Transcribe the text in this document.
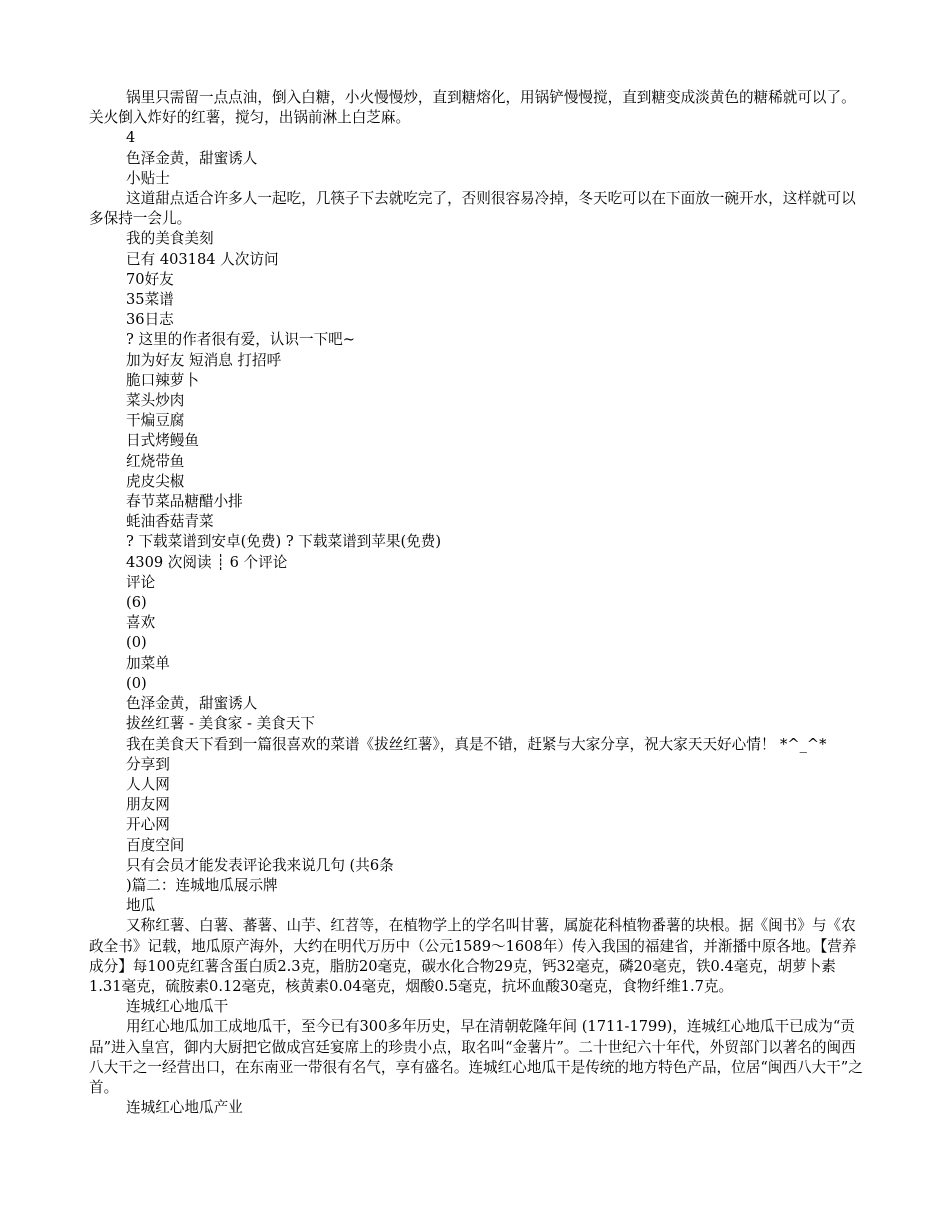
锅里只需留一点点油，倒入白糖，小火慢慢炒，直到糖熔化，用锅铲慢慢搅，直到糖变成淡黄色的糖稀就可以了。关火倒入炸好的红薯，搅匀，出锅前淋上白芝麻。
4
色泽金黄，甜蜜诱人
小贴士
这道甜点适合许多人一起吃，几筷子下去就吃完了，否则很容易冷掉，冬天吃可以在下面放一碗开水，这样就可以多保持一会儿。
我的美食美刻
已有 403184 人次访问
70好友
35菜谱
36日志
? 这里的作者很有爱，认识一下吧~
加为好友 短消息 打招呼
脆口辣萝卜
菜头炒肉
干煸豆腐
日式烤鳗鱼
红烧带鱼
虎皮尖椒
春节菜品糖醋小排
蚝油香菇青菜
? 下载菜谱到安卓(免费) ? 下载菜谱到苹果(免费)
4309 次阅读 ┊ 6 个评论
评论
(6)
喜欢
(0)
加菜单
(0)
色泽金黄，甜蜜诱人
拔丝红薯 - 美食家 - 美食天下
我在美食天下看到一篇很喜欢的菜谱《拔丝红薯》，真是不错，赶紧与大家分享，祝大家天天好心情！ *^_^*
分享到
人人网
朋友网
开心网
百度空间
只有会员才能发表评论我来说几句 (共6条
)篇二：连城地瓜展示牌
地瓜
又称红薯、白薯、蕃薯、山芋、红苕等，在植物学上的学名叫甘薯，属旋花科植物番薯的块根。据《闽书》与《农政全书》记载，地瓜原产海外，大约在明代万历中（公元1589～1608年）传入我国的福建省，并渐播中原各地。【营养成分】每100克红薯含蛋白质2.3克，脂肪20毫克，碳水化合物29克，钙32毫克，磷20毫克，铁0.4毫克，胡萝卜素1.31毫克，硫胺素0.12毫克，核黄素0.04毫克，烟酸0.5毫克，抗坏血酸30毫克，食物纤维1.7克。
连城红心地瓜干
用红心地瓜加工成地瓜干，至今已有300多年历史，早在清朝乾隆年间 (1711-1799)，连城红心地瓜干已成为“贡品”进入皇宫，御内大厨把它做成宫廷宴席上的珍贵小点，取名叫“金薯片”。二十世纪六十年代，外贸部门以著名的闽西八大干之一经营出口，在东南亚一带很有名气，享有盛名。连城红心地瓜干是传统的地方特色产品，位居“闽西八大干”之首。
连城红心地瓜产业
